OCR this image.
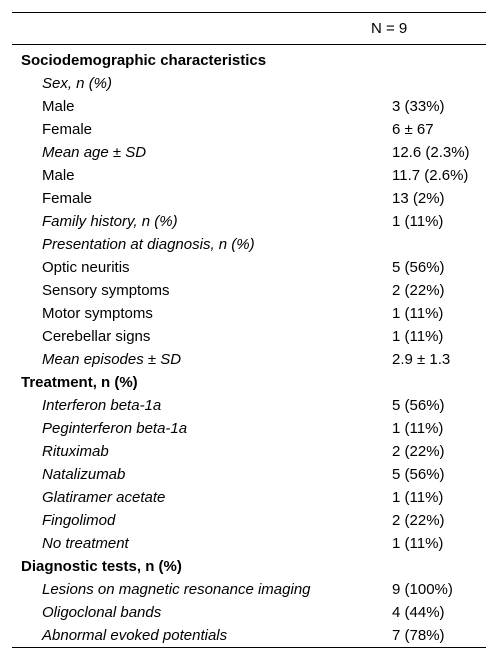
N = 9
Sociodemographic characteristics
Sex, n (%)
Male	3 (33%)
Female	6 ± 67
Mean age ± SD	12.6 (2.3%)
Male	11.7 (2.6%)
Female	13 (2%)
Family history, n (%)	1 (11%)
Presentation at diagnosis, n (%)
Optic neuritis	5 (56%)
Sensory symptoms	2 (22%)
Motor symptoms	1 (11%)
Cerebellar signs	1 (11%)
Mean episodes ± SD	2.9 ± 1.3
Treatment, n (%)
Interferon beta-1a	5 (56%)
Peginterferon beta-1a	1 (11%)
Rituximab	2 (22%)
Natalizumab	5 (56%)
Glatiramer acetate	1 (11%)
Fingolimod	2 (22%)
No treatment	1 (11%)
Diagnostic tests, n (%)
Lesions on magnetic resonance imaging	9 (100%)
Oligoclonal bands	4 (44%)
Abnormal evoked potentials	7 (78%)
